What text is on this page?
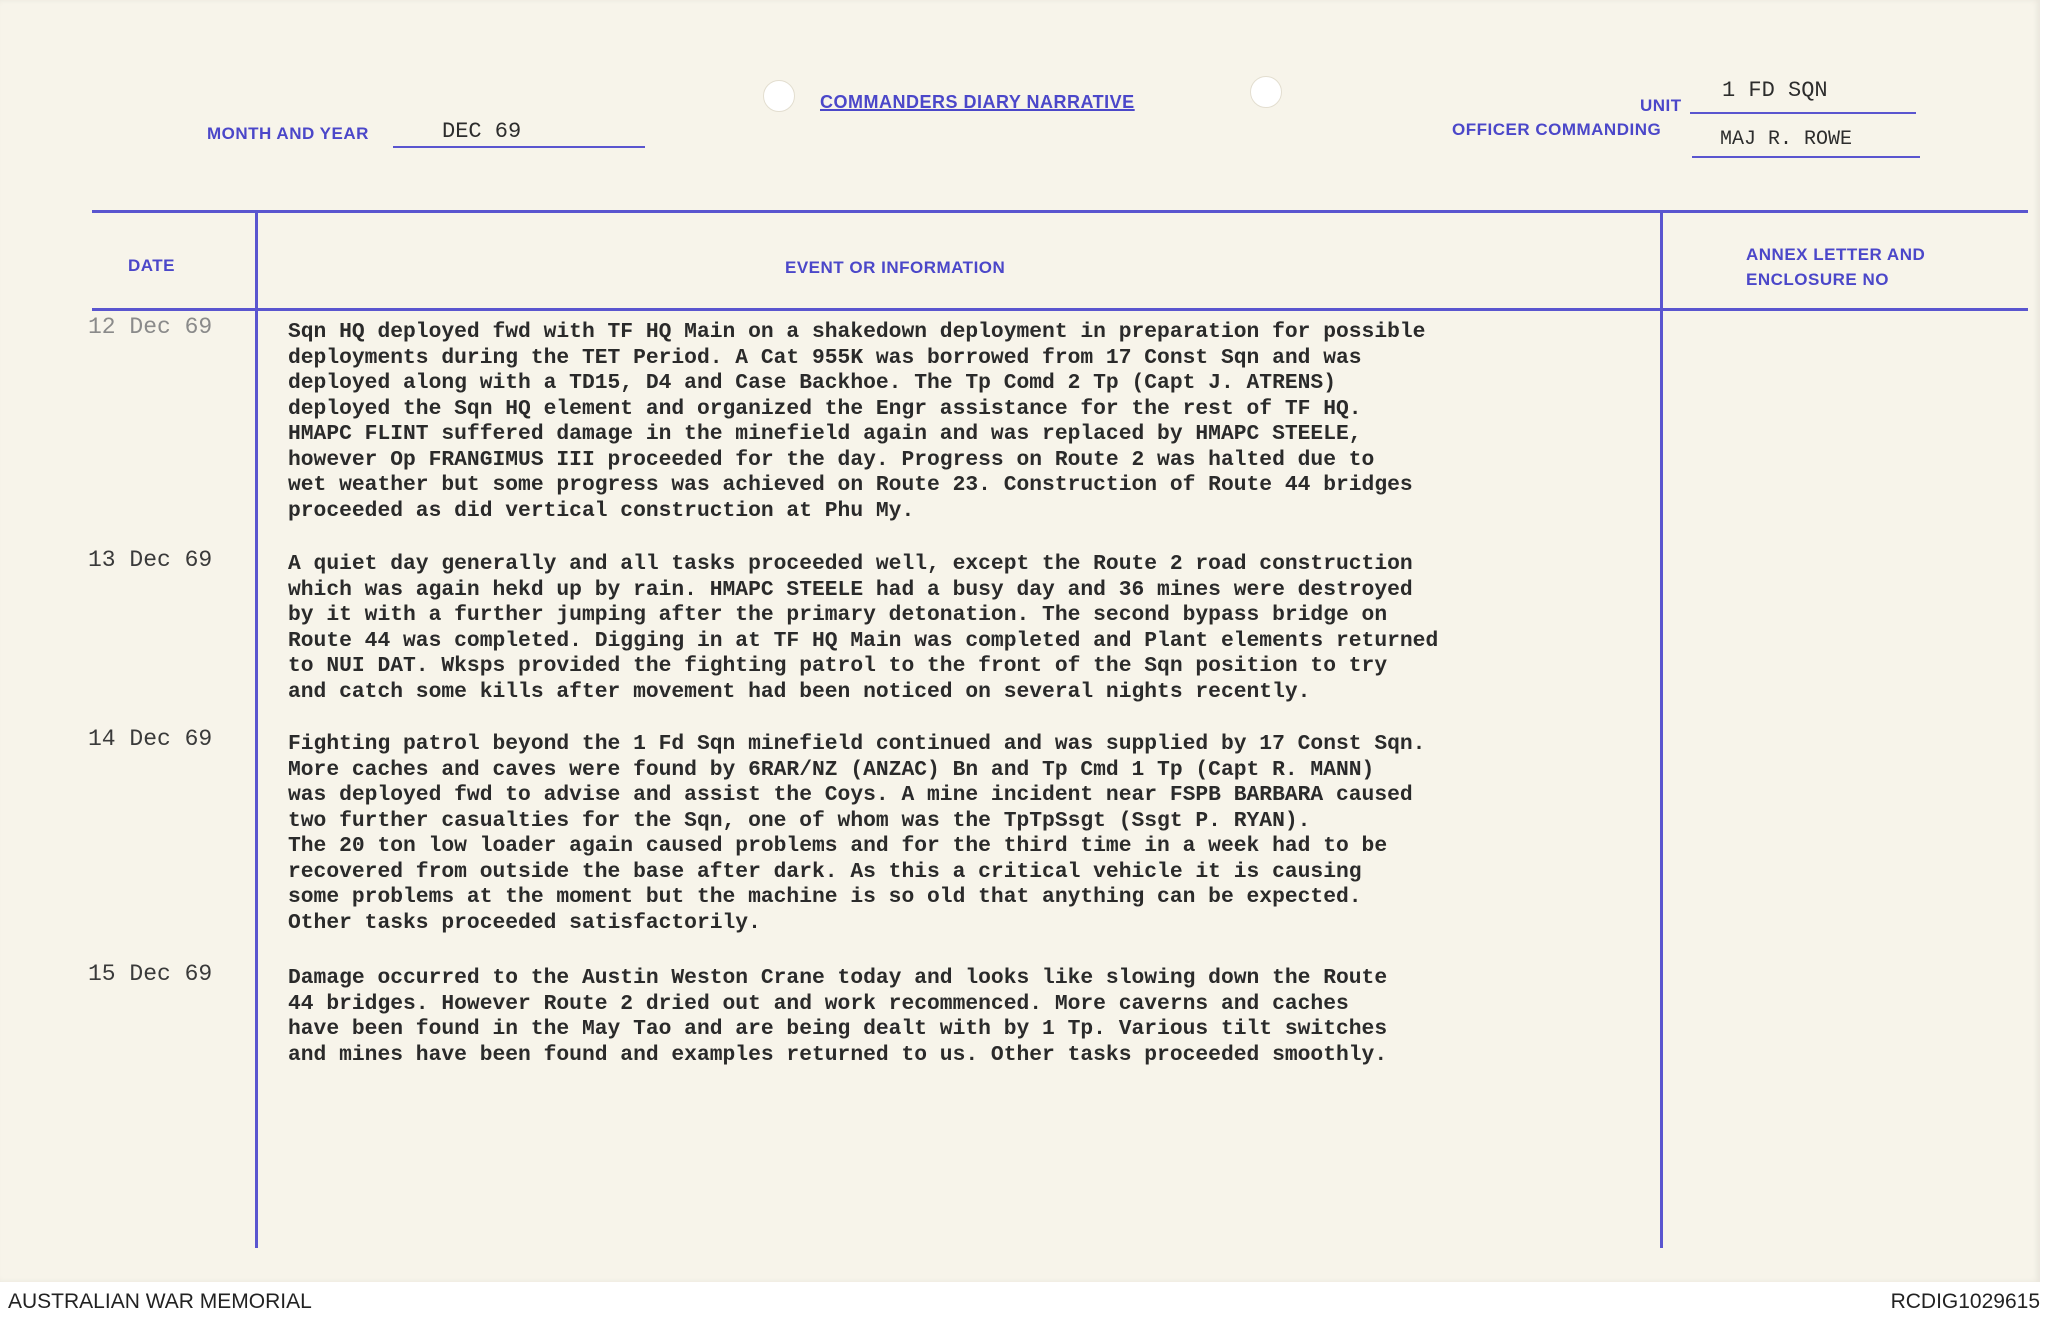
COMMANDERS DIARY NARRATIVE
MONTH AND YEAR	DEC 69
UNIT
1 FD SQN
OFFICER COMMANDING	MAJ R. ROWE
DATE	EVENT OR INFORMATION
ANNEX LETTER AND
ENCLOSURE NO
12 Dec 69	Sqn HQ deployed fwd with TF HQ Main on a shakedown deployment in preparation for possible
deployments during the TET Period. A Cat 955K was borrowed from 17 Const Sqn and was
deployed along with a TD15, D4 and Case Backhoe. The Tp Comd 2 Tp (Capt J. ATRENS)
deployed the Sqn HQ element and organized the Engr assistance for the rest of TF HQ.
HMAPC FLINT suffered damage in the minefield again and was replaced by HMAPC STEELE,
however Op FRANGIMUS III proceeded for the day. Progress on Route 2 was halted due to
wet weather but some progress was achieved on Route 23. Construction of Route 44 bridges
proceeded as did vertical construction at Phu My.
13 Dec 69	A quiet day generally and all tasks proceeded well, except the Route 2 road construction
which was again hekd up by rain. HMAPC STEELE had a busy day and 36 mines were destroyed
by it with a further jumping after the primary detonation. The second bypass bridge on
Route 44 was completed. Digging in at TF HQ Main was completed and Plant elements returned
to NUI DAT. Wksps provided the fighting patrol to the front of the Sqn position to try
and catch some kills after movement had been noticed on several nights recently.
14 Dec 69	Fighting patrol beyond the 1 Fd Sqn minefield continued and was supplied by 17 Const Sqn.
More caches and caves were found by 6RAR/NZ (ANZAC) Bn and Tp Cmd 1 Tp (Capt R. MANN)
was deployed fwd to advise and assist the Coys. A mine incident near FSPB BARBARA caused
two further casualties for the Sqn, one of whom was the TpTpSsgt (Ssgt P. RYAN).
The 20 ton low loader again caused problems and for the third time in a week had to be
recovered from outside the base after dark. As this a critical vehicle it is causing
some problems at the moment but the machine is so old that anything can be expected.
Other tasks proceeded satisfactorily.
15 Dec 69	Damage occurred to the Austin Weston Crane today and looks like slowing down the Route
44 bridges. However Route 2 dried out and work recommenced. More caverns and caches
have been found in the May Tao and are being dealt with by 1 Tp. Various tilt switches
and mines have been found and examples returned to us. Other tasks proceeded smoothly.
AUSTRALIAN WAR MEMORIAL	RCDIG1029615
